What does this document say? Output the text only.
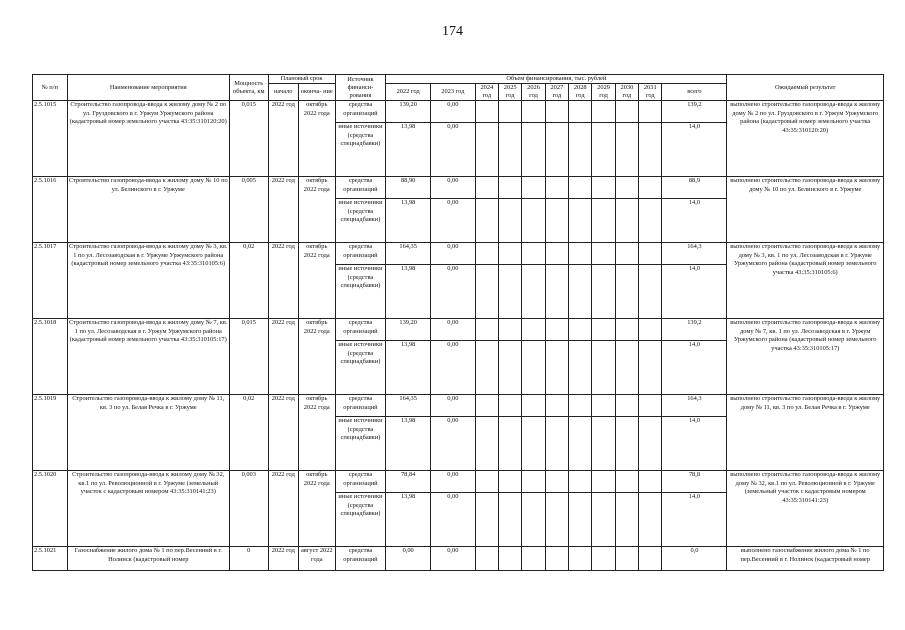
174
№ п/п	Наименование мероприятия	Мощность объекта, км	Плановый срок		Источник финанси- рования	Объем финансирования, тыс. рублей											Ожидаемый результат
			начало	оконча- ние		2022 год	2023 год	2024 год	2025 год	2026 год	2027 год	2028 год	2029 год	2030 год	2031 год	всего	
2.5.1015	Строительство газопровода-ввода к жилому дому № 2 по ул. Груздовского в г. Уржум Уржумского района (кадастровый номер земельного участка 43:35:310120:20)	0,015	2022 год	октябрь 2022 года	средства организаций	139,20	0,00									139,2	выполнено строительство газопровода-ввода к жилому дому № 2 по ул. Груздовского в г. Уржум Уржумского района (кадастровый номер земельного участка 43:35:310120:20)
					иные источники (средства спецнадбавки)	13,98	0,00									14,0	
2.5.1016	Строительство газопровода-ввода к жилому дому № 10 по ул. Белинского в г. Уржуме	0,005	2022 год	октябрь 2022 года	средства организаций	88,90	0,00									88,9	выполнено строительство газопровода-ввода к жилому дому № 10 по ул. Белинского в г. Уржуме
					иные источники (средства спецнадбавки)	13,98	0,00									14,0	
2.5.1017	Строительство газопровода-ввода к жилому дому № 3, кв. 1 по ул. Лесозаводская в г. Уржуме Уржумского района (кадастровый номер земельного участка 43:35:310105:6)	0,02	2022 год	октябрь 2022 года	средства организаций	164,35	0,00									164,3	выполнено строительство газопровода-ввода к жилому дому № 3, кв. 1 по ул. Лесозаводская в г. Уржуме Уржумского района (кадастровый номер земельного участка 43:35:310105:6)
					иные источники (средства спецнадбавки)	13,98	0,00									14,0	
2.5.1018	Строительство газопровода-ввода к жилому дому № 7, кв. 1 по ул. Лесозаводская в г. Уржум Уржумского района (кадастровый номер земельного участка 43:35:310105:17)	0,015	2022 год	октябрь 2022 года	средства организаций	139,20	0,00									139,2	выполнено строительство газопровода-ввода к жилому дому № 7, кв. 1 по ул. Лесозаводская в г. Уржум Уржумского района (кадастровый номер земельного участка 43:35:310105:17)
					иные источники (средства спецнадбавки)	13,98	0,00									14,0	
2.5.1019	Строительство газопровода-ввода к жилому дому № 11, кв. 3 по ул. Белая Речка в г. Уржуме	0,02	2022 год	октябрь 2022 года	средства организаций	164,35	0,00									164,3	выполнено строительство газопровода-ввода к жилому дому № 11, кв. 3 по ул. Белая Речка в г. Уржуме
					иные источники (средства спецнадбавки)	13,98	0,00									14,0	
2.5.1020	Строительство газопровода-ввода к жилому дому № 32, кв.1 по ул. Революционной в г. Уржуме (земельный участок с кадастровым номером 43:35:310141:23)	0,003	2022 год	октябрь 2022 года	средства организаций	78,84	0,00									78,8	выполнено строительство газопровода-ввода к жилому дому № 32, кв.1 по ул. Революционной в г. Уржуме (земельный участок с кадастровым номером 43:35:310141:23)
					иные источники (средства спецнадбавки)	13,98	0,00									14,0	
2.5.1021	Газоснабжение жилого дома № 1 по пер.Весенний в г. Нолинск (кадастровый номер	0	2022 год	август 2022 года	средства организаций	0,00	0,00									0,0	выполнено газоснабжение жилого дома № 1 по пер.Весенний в г. Нолинск (кадастровый номер
